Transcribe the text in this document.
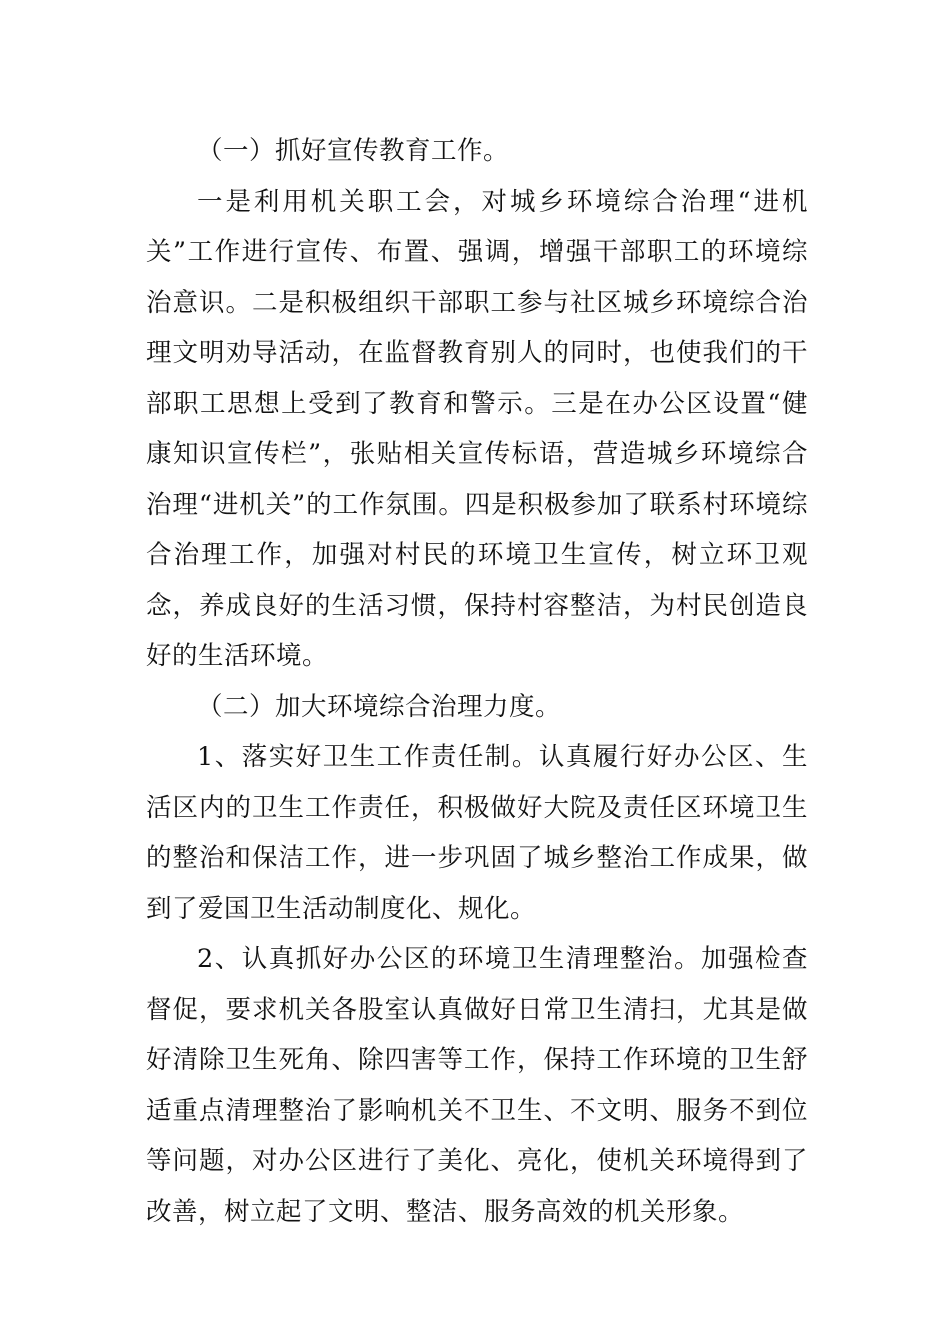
（一）抓好宣传教育工作。

一是利用机关职工会，对城乡环境综合治理“进机关”工作进行宣传、布置、强调，增强干部职工的环境综治意识。二是积极组织干部职工参与社区城乡环境综合治理文明劝导活动，在监督教育别人的同时，也使我们的干部职工思想上受到了教育和警示。三是在办公区设置“健康知识宣传栏”，张贴相关宣传标语，营造城乡环境综合治理“进机关”的工作氛围。四是积极参加了联系村环境综合治理工作，加强对村民的环境卫生宣传，树立环卫观念，养成良好的生活习惯，保持村容整洁，为村民创造良好的生活环境。

（二）加大环境综合治理力度。

1、落实好卫生工作责任制。认真履行好办公区、生活区内的卫生工作责任，积极做好大院及责任区环境卫生的整治和保洁工作，进一步巩固了城乡整治工作成果，做到了爱国卫生活动制度化、规化。

2、认真抓好办公区的环境卫生清理整治。加强检查督促，要求机关各股室认真做好日常卫生清扫，尤其是做好清除卫生死角、除四害等工作，保持工作环境的卫生舒适重点清理整治了影响机关不卫生、不文明、服务不到位等问题，对办公区进行了美化、亮化，使机关环境得到了改善，树立起了文明、整洁、服务高效的机关形象。
